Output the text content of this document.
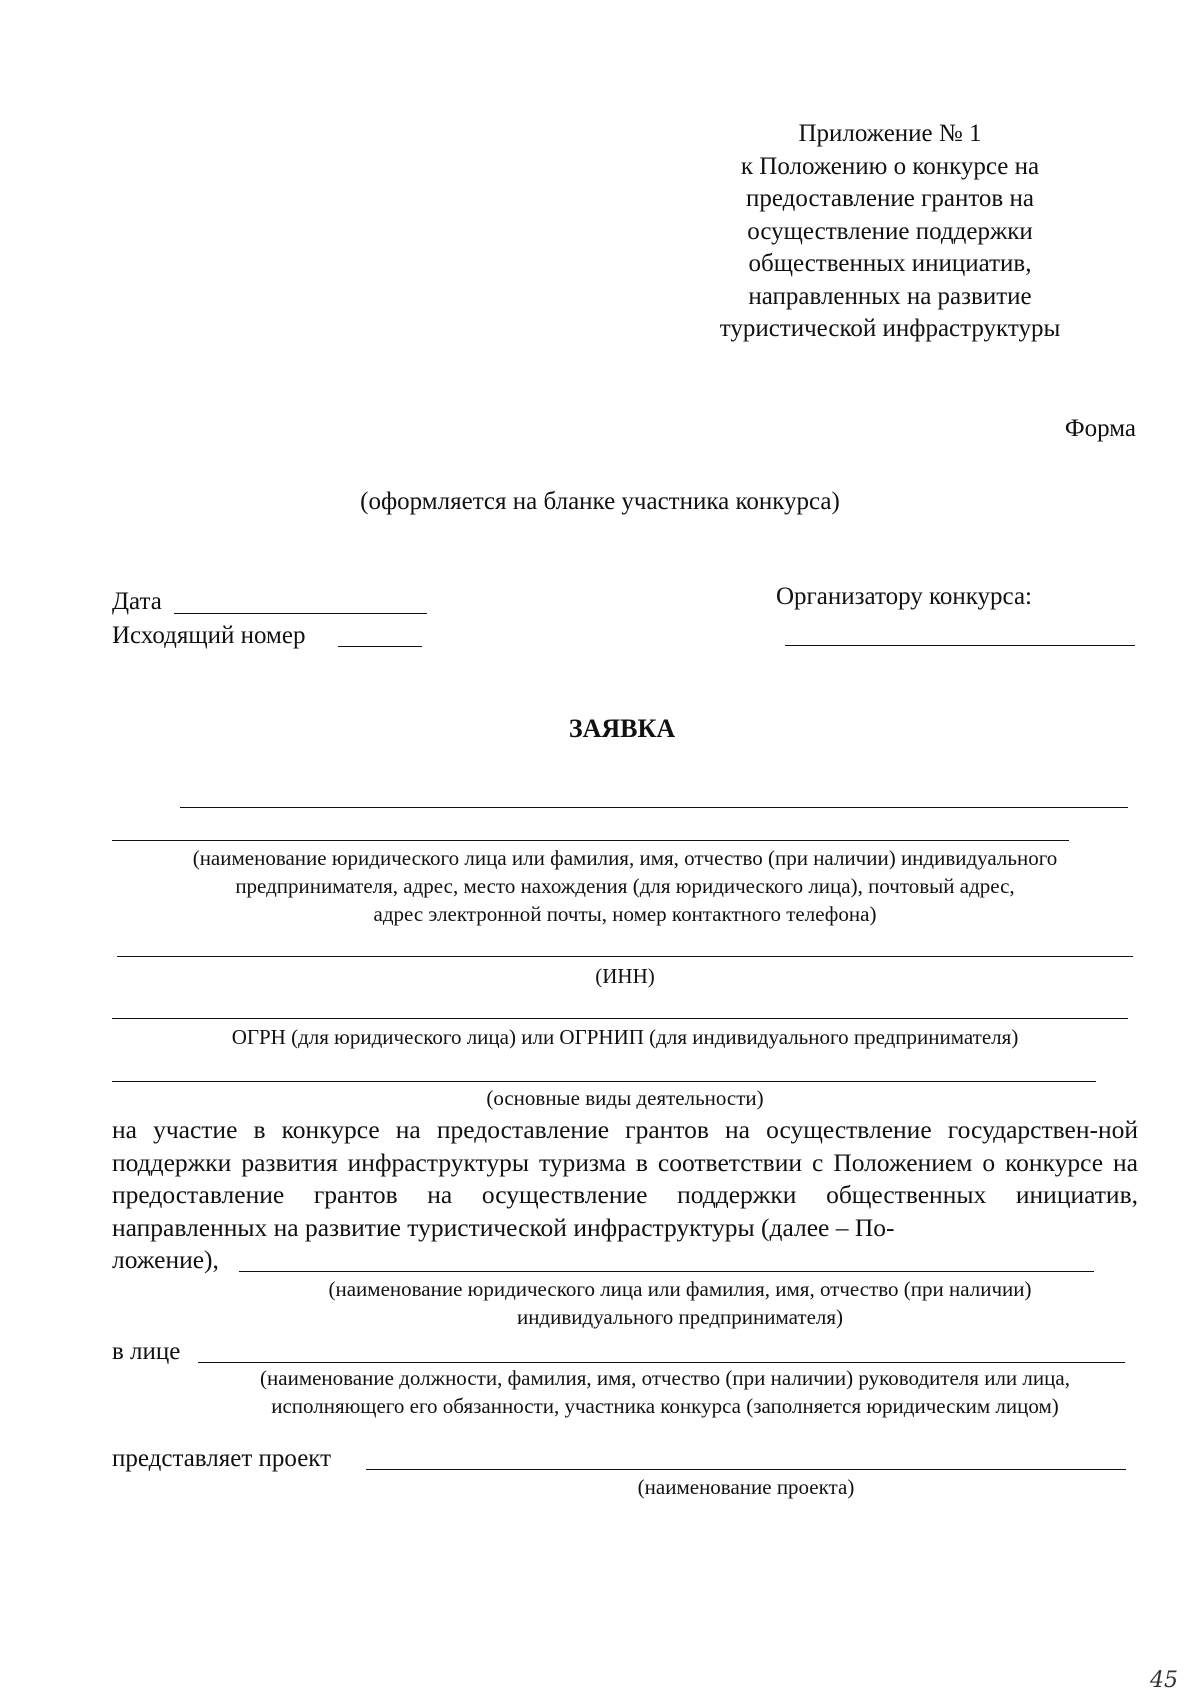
Приложение № 1
к Положению о конкурсе на
предоставление грантов на
осуществление поддержки
общественных инициатив,
направленных на развитие
туристической инфраструктуры
Форма
(оформляется на бланке участника конкурса)
Дата
Исходящий номер
Организатору конкурса:
ЗАЯВКА
(наименование юридического лица или фамилия, имя, отчество (при наличии) индивидуального
предпринимателя, адрес, место нахождения (для юридического лица), почтовый адрес,
адрес электронной почты, номер контактного телефона)
(ИНН)
ОГРН (для юридического лица) или ОГРНИП (для индивидуального предпринимателя)
(основные виды деятельности)
на участие в конкурсе на предоставление грантов на осуществление государствен-ной поддержки развития инфраструктуры туризма в соответствии с Положением о конкурсе на предоставление грантов на осуществление поддержки общественных инициатив, направленных на развитие туристической инфраструктуры (далее – По-
ложение),
(наименование юридического лица или фамилия, имя, отчество (при наличии)
индивидуального предпринимателя)
в лице
(наименование должности, фамилия, имя, отчество (при наличии) руководителя или лица,
исполняющего его обязанности, участника конкурса (заполняется юридическим лицом)
представляет проект
(наименование проекта)
45
